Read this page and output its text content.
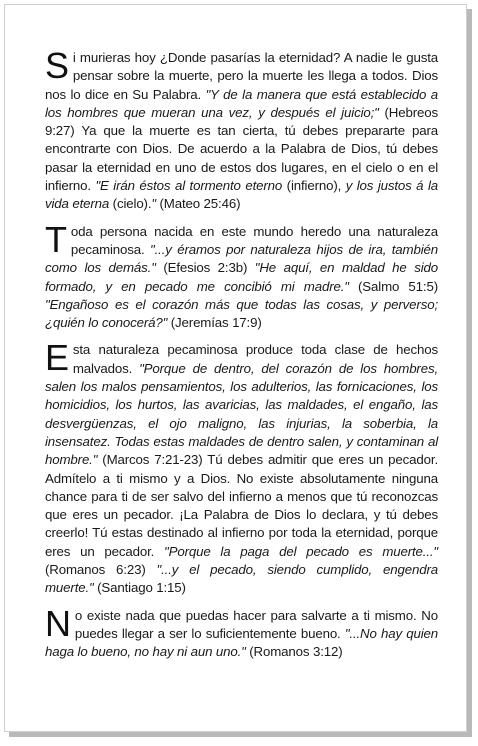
S i murieras hoy ¿Donde pasarías la eternidad? A nadie le gusta pensar sobre la muerte, pero la muerte les llega a todos. Dios nos lo dice en Su Palabra. "Y de la manera que está establecido a los hombres que mueran una vez, y después el juicio;" (Hebreos 9:27) Ya que la muerte es tan cierta, tú debes prepararte para encontrarte con Dios. De acuerdo a la Palabra de Dios, tú debes pasar la eternidad en uno de estos dos lugares, en el cielo o en el infierno. "E irán éstos al tormento eterno (infierno), y los justos á la vida eterna (cielo)." (Mateo 25:46)

T oda persona nacida en este mundo heredo una naturaleza pecaminosa. "...y éramos por naturaleza hijos de ira, también como los demás." (Efesios 2:3b) "He aquí, en maldad he sido formado, y en pecado me concibió mi madre." (Salmo 51:5) "Engañoso es el corazón más que todas las cosas, y perverso; ¿quién lo conocerá?" (Jeremías 17:9)

E sta naturaleza pecaminosa produce toda clase de hechos malvados. "Porque de dentro, del corazón de los hombres, salen los malos pensamientos, los adulterios, las fornicaciones, los homicidios, los hurtos, las avaricias, las maldades, el engaño, las desvergüenzas, el ojo maligno, las injurias, la soberbia, la insensatez. Todas estas maldades de dentro salen, y contaminan al hombre." (Marcos 7:21-23) Tú debes admitir que eres un pecador. Admítelo a ti mismo y a Dios. No existe absolutamente ninguna chance para ti de ser salvo del infierno a menos que tú reconozcas que eres un pecador. ¡La Palabra de Dios lo declara, y tú debes creerlo! Tú estas destinado al infierno por toda la eternidad, porque eres un pecador. "Porque la paga del pecado es muerte..." (Romanos 6:23) "...y el pecado, siendo cumplido, engendra muerte." (Santiago 1:15)

N o existe nada que puedas hacer para salvarte a ti mismo. No puedes llegar a ser lo suficientemente bueno. "...No hay quien haga lo bueno, no hay ni aun uno." (Romanos 3:12)
